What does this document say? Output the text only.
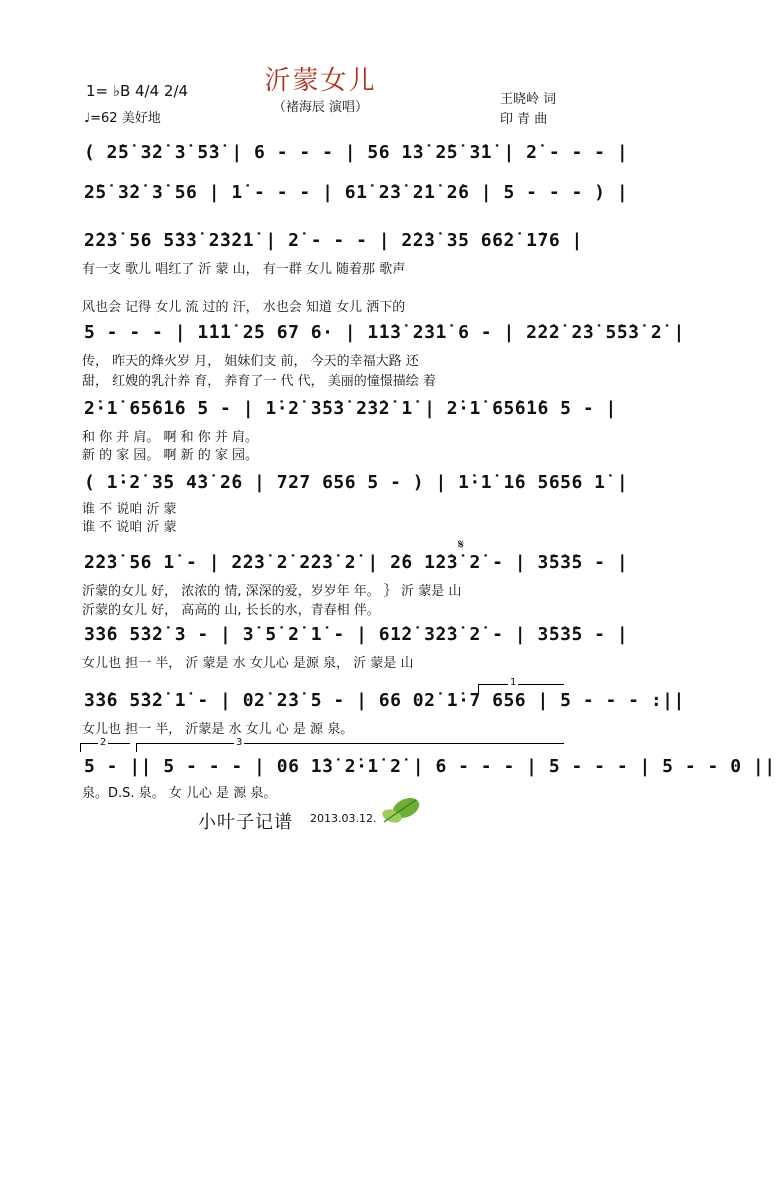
沂蒙女儿
（褚海辰 演唱）
1= ♭B 4/4 2/4
♩=62 美好地
王晓岭 词
印 青 曲
( 2̇5̇ 3̇2̇ 3̇ 5̇3̇ | 6 - - - | 56 1̇3̇ 2̇5̇ 3̇1̇ | 2̇ - - - |
2̇5̇ 3̇2̇ 3̇ 56 | 1̇ - - - | 61̇ 2̇3̇ 2̇1̇ 2̇6 | 5 - - - ) |
2̇2̇3̇ 56 5̇3̇3̇ 2̇3̇2̇1̇ | 2̇ - - - | 2̇2̇3̇ 35 66̇2̇ 1̇76 |
有一支 歌儿 唱红了 沂 蒙 山， 有一群 女儿 随着那 歌声
风也会 记得 女儿 流 过的 汗， 水也会 知道 女儿 洒下的
5 - - - | 1̇1̇1̇ 2̇5 67 6· | 1̇1̇3̇ 2̇3̇1̇ 6 - | 2̇2̇2̇ 2̇3̇ 5̇5̇3̇ 2̇ |
传， 昨天的烽火岁 月， 姐妹们支 前， 今天的幸福大路 还
甜， 红嫂的乳汁养 育， 养育了一 代 代， 美丽的憧憬描绘 着
2̇·1̇ 65̇6̇1̇6 5 - | 1̇·2̇ 3̇5̇3̇ 2̇3̇2̇ 1̇ | 2̇·1̇ 65̇6̇1̇6 5 - |
和 你 并 肩。 啊 和 你 并 肩。
新 的 家 园。 啊 新 的 家 园。
( 1̇·2̇ 3̇5 4̇3̇ 2̇6 | 727 656 5 - ) | 1̇·1̇ 1̇6 5656 1̇ |
谁 不 说咱 沂 蒙
谁 不 说咱 沂 蒙
𝄋
2̇2̇3̇ 56 1̇ - | 2̇2̇3̇ 2̇ 2̇2̇3̇ 2̇ | 2̇6 1̇2̇3̇ 2̇ - | 3̇5̇3̇5 - |
沂蒙的女儿 好， 浓浓的 情, 深深的爱，岁岁年 年。 ｝ 沂 蒙是 山
沂蒙的女儿 好， 高高的 山, 长长的水，青春相 伴。
3̇3̇6 5̇3̇2̇ 3 - | 3̇ 5̇ 2̇ 1̇ - | 61̇2̇ 3̇2̇3̇ 2̇ - | 3̇5̇3̇5 - |
女儿也 担一 半， 沂 蒙是 水 女儿心 是源 泉， 沂 蒙是 山
1
3̇3̇6 5̇3̇2̇ 1̇ - | 02̇ 2̇3̇ 5 - | 66 02̇ 1̇·7 656 | 5 - - - :||
女儿也 担一 半， 沂蒙是 水 女儿 心 是 源 泉。
2	3
5 - || 5 - - - | 06 1̇3̇ 2̇·1̇ 2̇ | 6 - - - | 5 - - - | 5 - - 0 ||
泉。D.S. 泉。 女 儿心 是 源 泉。
小叶子记谱 2013.03.12.
